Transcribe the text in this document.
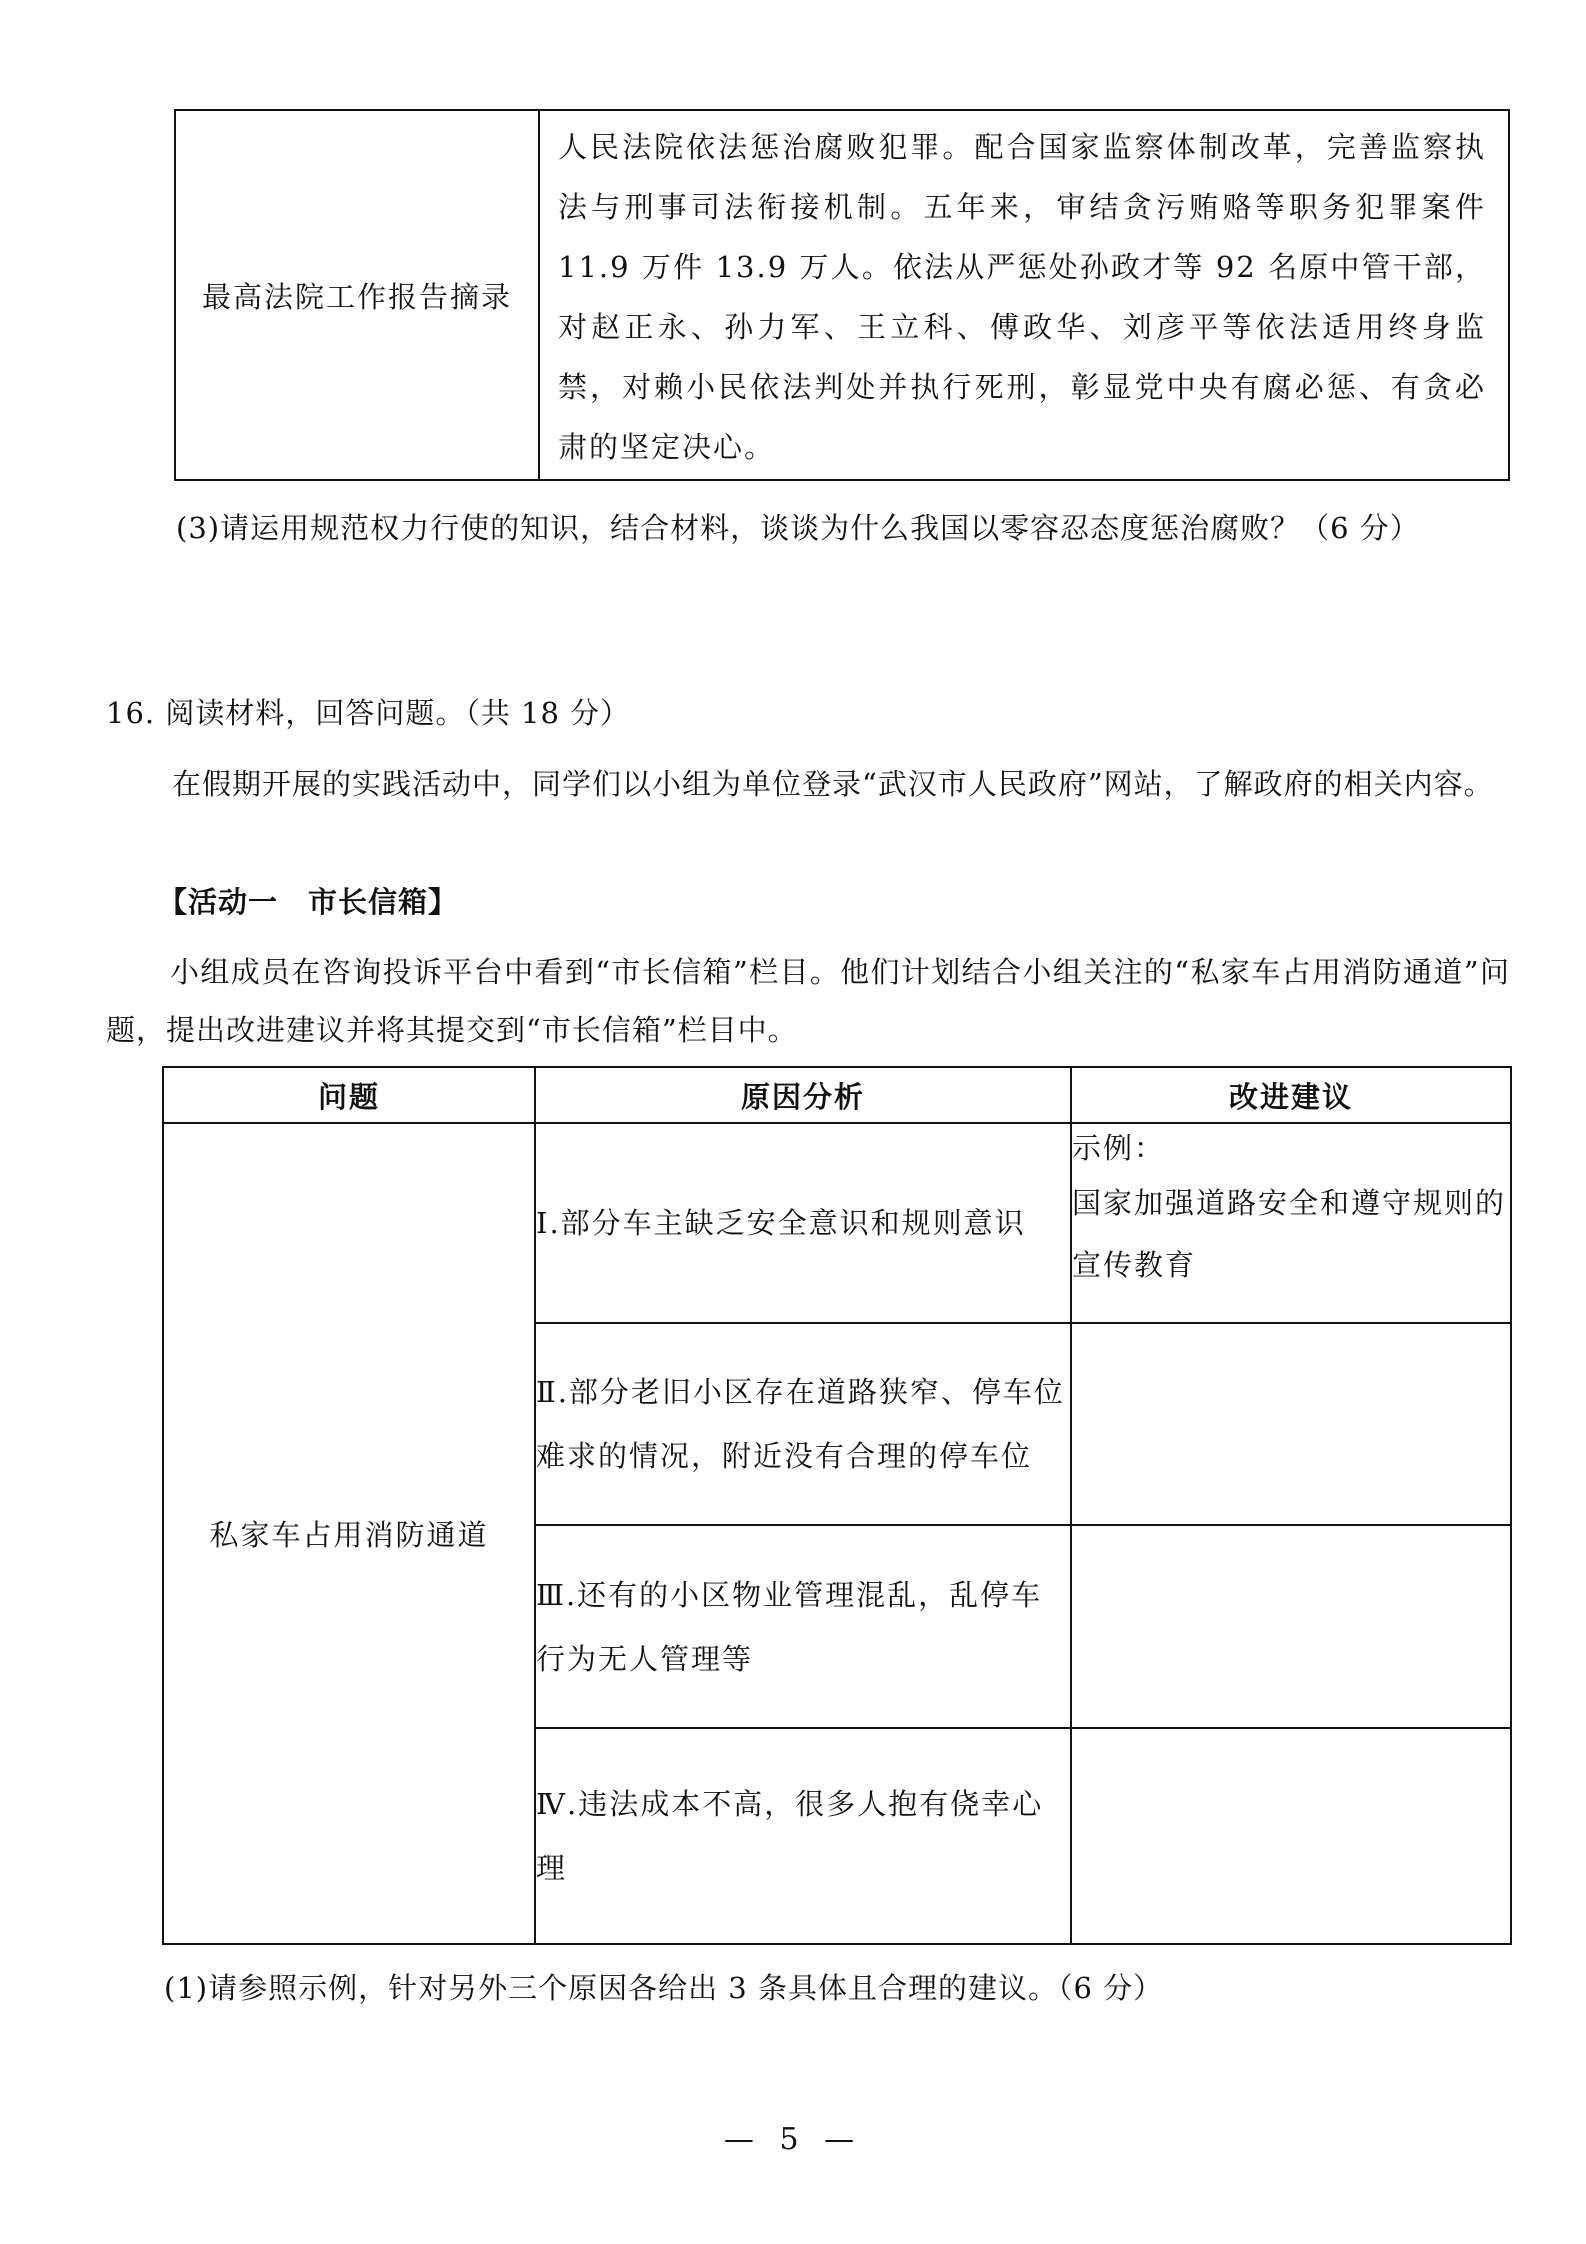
最高法院工作报告摘录

人民法院依法惩治腐败犯罪。配合国家监察体制改革，完善监察执法与刑事司法衔接机制。五年来，审结贪污贿赂等职务犯罪案件 11.9 万件 13.9 万人。依法从严惩处孙政才等 92 名原中管干部，对赵正永、孙力军、王立科、傅政华、刘彦平等依法适用终身监禁，对赖小民依法判处并执行死刑，彰显党中央有腐必惩、有贪必肃的坚定决心。
(3)请运用规范权力行使的知识，结合材料，谈谈为什么我国以零容忍态度惩治腐败？（6 分）
16. 阅读材料，回答问题。（共 18 分）
在假期开展的实践活动中，同学们以小组为单位登录“武汉市人民政府”网站，了解政府的相关内容。
【活动一　市长信箱】
小组成员在咨询投诉平台中看到“市长信箱”栏目。他们计划结合小组关注的“私家车占用消防通道”问题，提出改进建议并将其提交到“市长信箱”栏目中。
问题	原因分析	改进建议
私家车占用消防通道	Ⅰ.部分车主缺乏安全意识和规则意识	示例：
国家加强道路安全和遵守规则的宣传教育

	Ⅱ.部分老旧小区存在道路狭窄、停车位难求的情况，附近没有合理的停车位	
	Ⅲ.还有的小区物业管理混乱，乱停车行为无人管理等	
	Ⅳ.违法成本不高，很多人抱有侥幸心理	
(1)请参照示例，针对另外三个原因各给出 3 条具体且合理的建议。（6 分）
— 5 —
